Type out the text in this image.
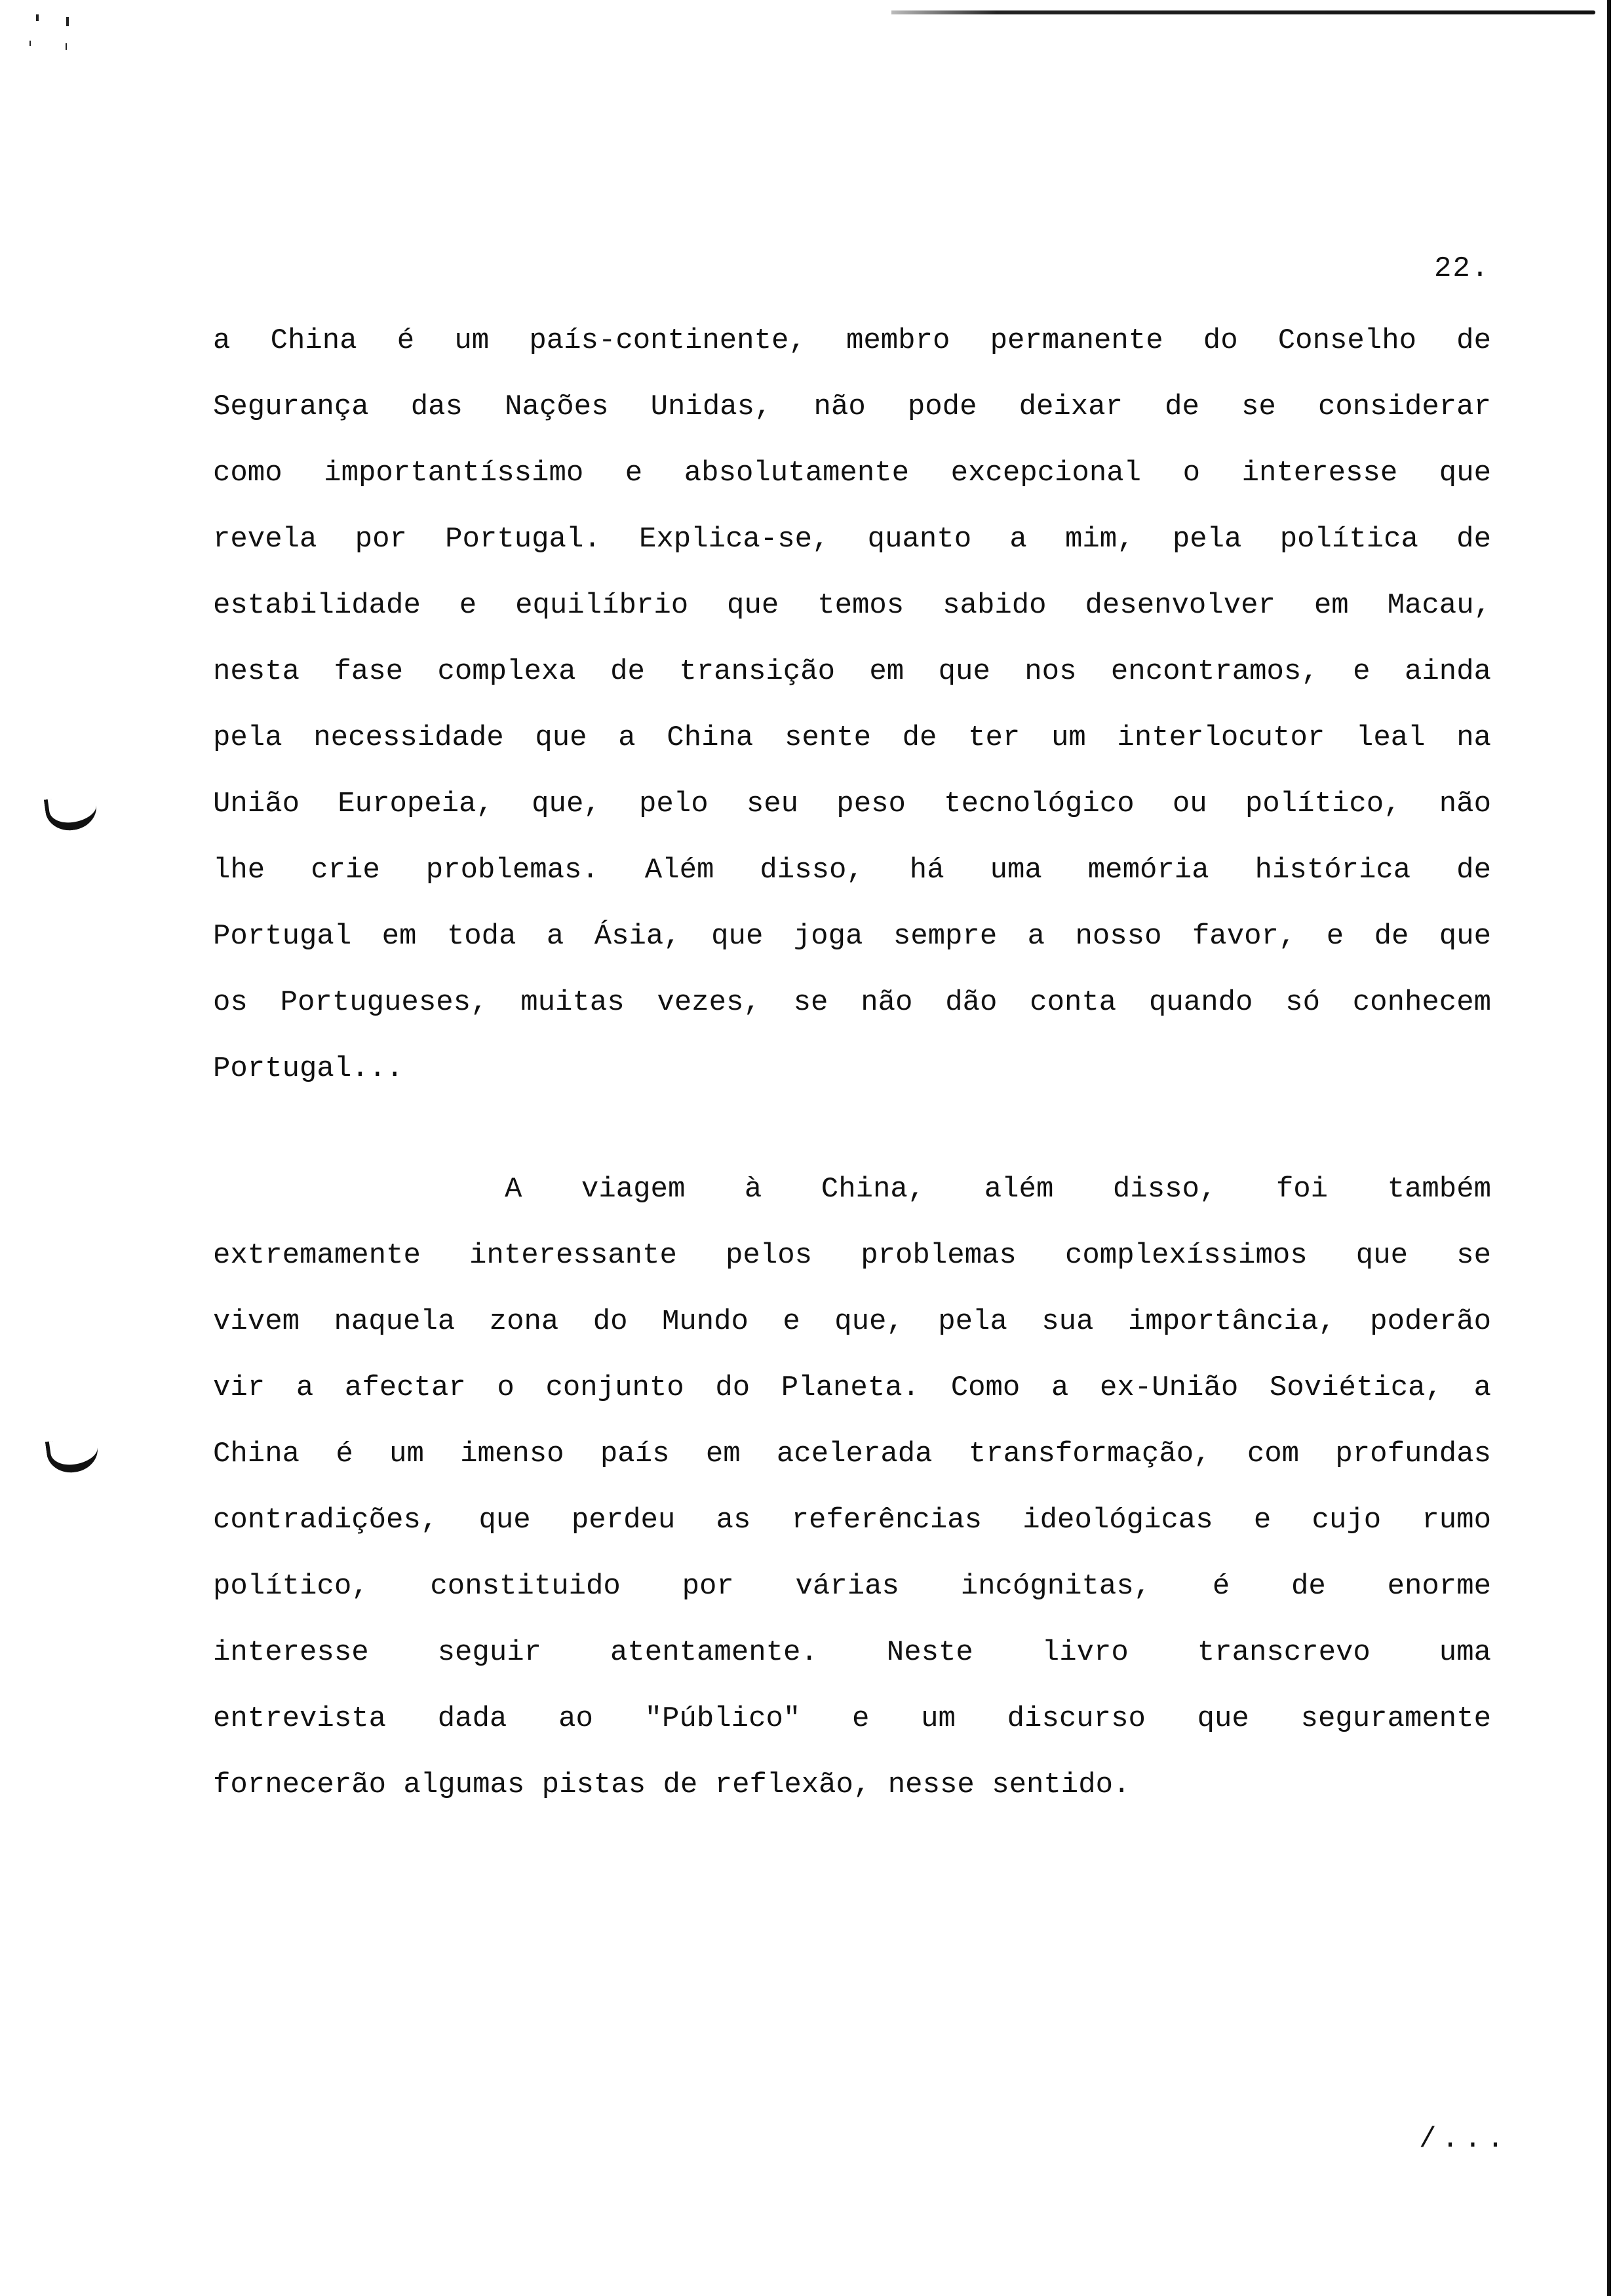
22.
a China é um país-continente, membro permanente do Conselho de
Segurança das Nações Unidas, não pode deixar de se considerar
como importantíssimo e absolutamente excepcional o interesse que
revela por Portugal. Explica-se, quanto a mim, pela política de
estabilidade e equilíbrio que temos sabido desenvolver em Macau,
nesta fase complexa de transição em que nos encontramos, e ainda
pela necessidade que a China sente de ter um interlocutor leal na
União Europeia, que, pelo seu peso tecnológico ou político, não
lhe crie problemas. Além disso, há uma memória histórica de
Portugal em toda a Ásia, que joga sempre a nosso favor, e de que
os Portugueses, muitas vezes, se não dão conta quando só conhecem
Portugal...
A viagem à China, além disso, foi também
extremamente interessante pelos problemas complexíssimos que se
vivem naquela zona do Mundo e que, pela sua importância, poderão
vir a afectar o conjunto do Planeta. Como a ex-União Soviética, a
China é um imenso país em acelerada transformação, com profundas
contradições, que perdeu as referências ideológicas e cujo rumo
político, constituido por várias incógnitas, é de enorme
interesse seguir atentamente. Neste livro transcrevo uma
entrevista dada ao "Público" e um discurso que seguramente
fornecerão algumas pistas de reflexão, nesse sentido.
/...
